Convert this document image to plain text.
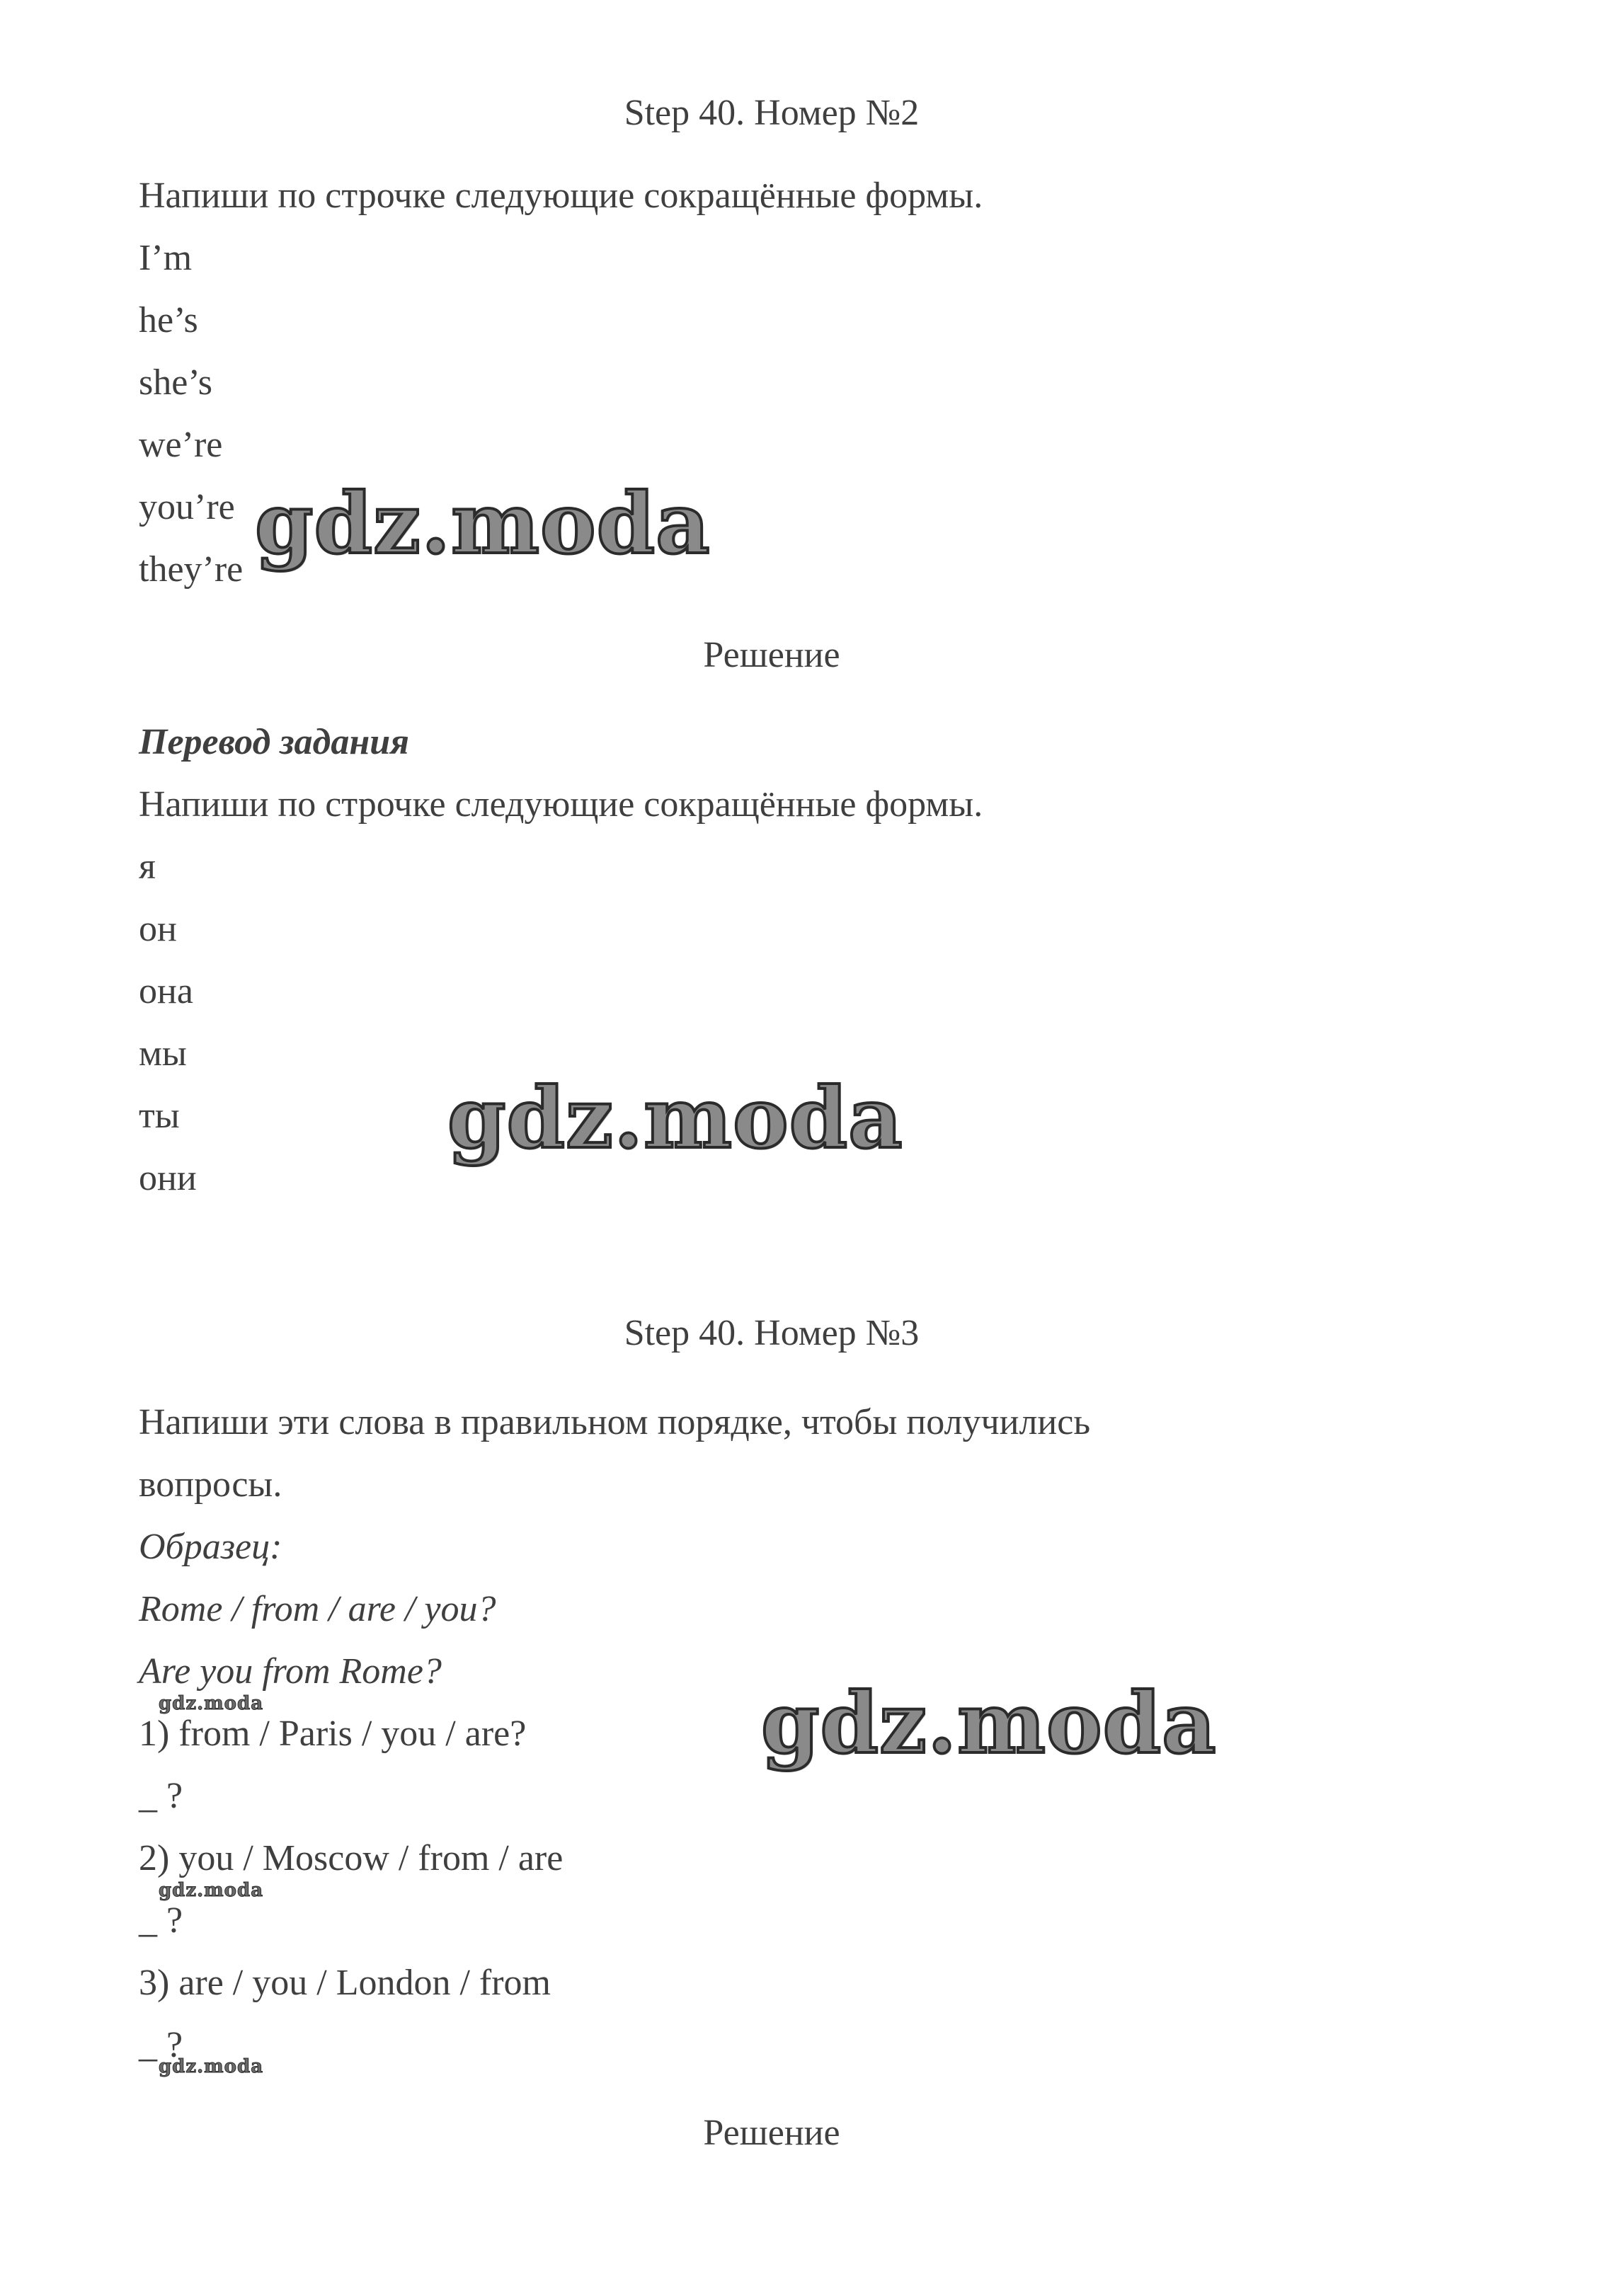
Step 40. Номер №2
Напиши по строчке следующие сокращённые формы.
I’m
he’s
she’s
we’re
you’re
they’re
Решение
Перевод задания
Напиши по строчке следующие сокращённые формы.
я
он
она
мы
ты
они
Step 40. Номер №3
Напиши эти слова в правильном порядке, чтобы получились
вопросы.
Образец:
Rome / from / are / you?
Are you from Rome?
1) from / Paris / you / are?
_ ?
2) you / Moscow / from / are
_ ?
3) are / you / London / from
_ ?
Решение
gdz.moda
gdz.moda
gdz.moda
gdz.moda
gdz.moda
gdz.moda
